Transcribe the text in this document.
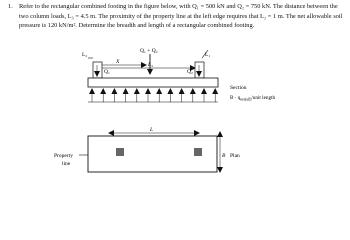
1. Refer to the rectangular combined footing in the figure below, with Q₁ = 500 kN and Q₂ = 750 kN. The distance between the two column loads, L₃ = 4.5 m. The proximity of the property line at the left edge requires that L₂ = 1 m. The net allowable soil pressure is 120 kN/m². Determine the breadth and length of a rectangular combined footing.
L₂
X	L₃
L₁
Q₁ + Q₂
Q₁	Q₂
Section
$B \cdot q_{net(all)}$/unit length
L
Property
line
B Plan
